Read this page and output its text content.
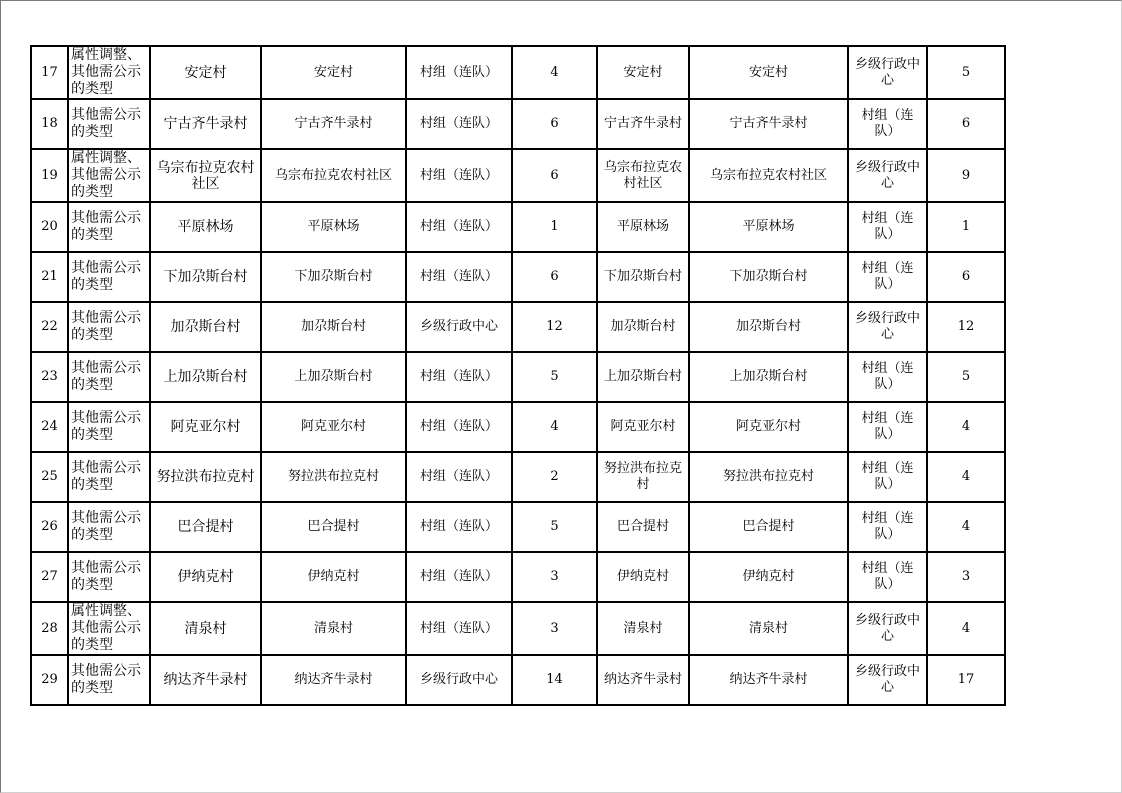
17	属性调整、其他需公示的类型	安定村	安定村	村组（连队）	4	安定村	安定村	乡级行政中心	5
18	其他需公示的类型	宁古齐牛录村	宁古齐牛录村	村组（连队）	6	宁古齐牛录村	宁古齐牛录村	村组（连队）	6
19	属性调整、其他需公示的类型	乌宗布拉克农村社区	乌宗布拉克农村社区	村组（连队）	6	乌宗布拉克农村社区	乌宗布拉克农村社区	乡级行政中心	9
20	其他需公示的类型	平原林场	平原林场	村组（连队）	1	平原林场	平原林场	村组（连队）	1
21	其他需公示的类型	下加尕斯台村	下加尕斯台村	村组（连队）	6	下加尕斯台村	下加尕斯台村	村组（连队）	6
22	其他需公示的类型	加尕斯台村	加尕斯台村	乡级行政中心	12	加尕斯台村	加尕斯台村	乡级行政中心	12
23	其他需公示的类型	上加尕斯台村	上加尕斯台村	村组（连队）	5	上加尕斯台村	上加尕斯台村	村组（连队）	5
24	其他需公示的类型	阿克亚尔村	阿克亚尔村	村组（连队）	4	阿克亚尔村	阿克亚尔村	村组（连队）	4
25	其他需公示的类型	努拉洪布拉克村	努拉洪布拉克村	村组（连队）	2	努拉洪布拉克村	努拉洪布拉克村	村组（连队）	4
26	其他需公示的类型	巴合提村	巴合提村	村组（连队）	5	巴合提村	巴合提村	村组（连队）	4
27	其他需公示的类型	伊纳克村	伊纳克村	村组（连队）	3	伊纳克村	伊纳克村	村组（连队）	3
28	属性调整、其他需公示的类型	清泉村	清泉村	村组（连队）	3	清泉村	清泉村	乡级行政中心	4
29	其他需公示的类型	纳达齐牛录村	纳达齐牛录村	乡级行政中心	14	纳达齐牛录村	纳达齐牛录村	乡级行政中心	17
